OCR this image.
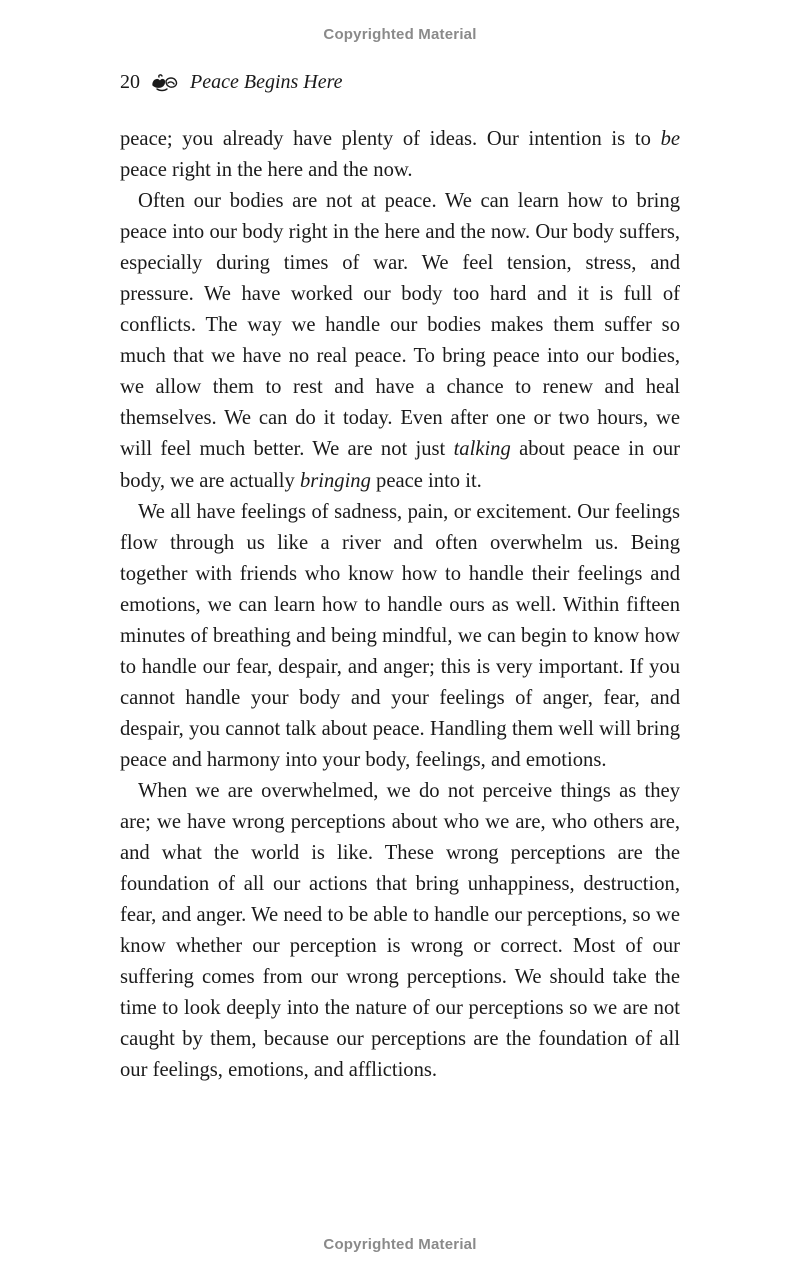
Copyrighted Material
20	Peace Begins Here

peace; you already have plenty of ideas. Our intention is to be peace right in the here and the now.

Often our bodies are not at peace. We can learn how to bring peace into our body right in the here and the now. Our body suffers, especially during times of war. We feel tension, stress, and pressure. We have worked our body too hard and it is full of conflicts. The way we handle our bodies makes them suffer so much that we have no real peace. To bring peace into our bodies, we allow them to rest and have a chance to renew and heal themselves. We can do it today. Even after one or two hours, we will feel much better. We are not just talking about peace in our body, we are actually bringing peace into it.

We all have feelings of sadness, pain, or excitement. Our feelings flow through us like a river and often overwhelm us. Being together with friends who know how to handle their feelings and emotions, we can learn how to handle ours as well. Within fifteen minutes of breathing and being mindful, we can begin to know how to handle our fear, despair, and anger; this is very important. If you cannot handle your body and your feelings of anger, fear, and despair, you cannot talk about peace. Handling them well will bring peace and harmony into your body, feelings, and emotions.

When we are overwhelmed, we do not perceive things as they are; we have wrong perceptions about who we are, who others are, and what the world is like. These wrong perceptions are the foundation of all our actions that bring unhappiness, destruction, fear, and anger. We need to be able to handle our perceptions, so we know whether our perception is wrong or correct. Most of our suffering comes from our wrong perceptions. We should take the time to look deeply into the nature of our perceptions so we are not caught by them, because our perceptions are the foundation of all our feelings, emotions, and afflictions.

Copyrighted Material
